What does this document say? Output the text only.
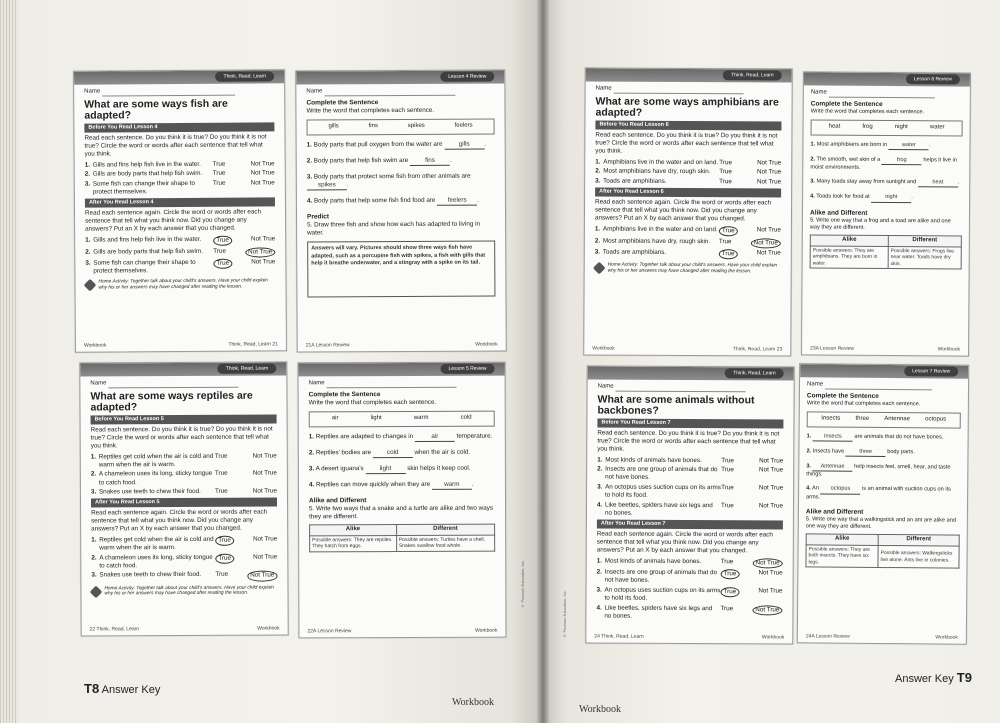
Think, Read, Learn
Name
What are some ways fish are adapted?
Before You Read Lesson 4
Read each sentence. Do you think it is true? Do you think it is not true? Circle the word or words after each sentence that tell what you think.
1. Gills and fins help fish live in the water.	True	Not True
2. Gills are body parts that help fish swim.	True	Not True
3. Some fish can change their shape to protect themselves.
True	Not True
After You Read Lesson 4
Read each sentence again. Circle the word or words after each sentence that tell what you think now. Did you change any answers? Put an X by each answer that you changed.
1. Gills and fins help fish live in the water.	True	Not True
2. Gills are body parts that help fish swim.	True	Not True
3. Some fish can change their shape to protect themselves.
True	Not True
Home Activity: Together talk about your child's answers. Have your child explain why his or her answers may have changed after reading the lesson.
Workbook	Think, Read, Learn 21
Lesson 4 Review
Name
Complete the Sentence
Write the word that completes each sentence.
gills	fins	spikes	feelers
1. Body parts that pull oxygen from the water are	gills .
2. Body parts that help fish swim are	fins .
3. Body parts that protect some fish from other animals are spikes .
4. Body parts that help some fish find food are feelers .
Predict
5. Draw three fish and show how each has adapted to living in water.
Answers will vary. Pictures should show three ways fish have adapted, such as a porcupine fish with spikes, a fish with gills that help it breathe underwater, and a stingray with a spike on its tail.
21A Lesson Review	Workbook
Think, Read, Learn
Name
What are some ways reptiles are adapted?
Before You Read Lesson 5
Read each sentence. Do you think it is true? Do you think it is not true? Circle the word or words after each sentence that tell what you think.
1. Reptiles get cold when the air is cold and warm when the air is warm.
True	Not True
2. A chameleon uses its long, sticky tongue to catch food.
True	Not True
3. Snakes use teeth to chew their food.	True	Not True
After You Read Lesson 5
Read each sentence again. Circle the word or words after each sentence that tell what you think now. Did you change any answers? Put an X by each answer that you changed.
1. Reptiles get cold when the air is cold and warm when the air is warm.
True	Not True
2. A chameleon uses its long, sticky tongue to catch food.
True	Not True
3. Snakes use teeth to chew their food.	True	Not True
Home Activity: Together talk about your child's answers. Have your child explain why his or her answers may have changed after reading the lesson.
22 Think, Read, Learn	Workbook
Lesson 5 Review
Name
Complete the Sentence
Write the word that completes each sentence.
air	light	warm	cold
1. Reptiles are adapted to changes in	air	temperature.
2. Reptiles' bodies are	cold	when the air is cold.
3. A desert iguana's	light	skin helps it keep cool.
4. Reptiles can move quickly when they are warm .
Alike and Different
5. Write two ways that a snake and a turtle are alike and two ways they are different.
Alike	Different
Possible answers: They are reptiles. They hatch from eggs.	Possible answers: Turtles have a shell. Snakes swallow food whole.
22A Lesson Review	Workbook
Think, Read, Learn
Name
What are some ways amphibians are adapted?
Before You Read Lesson 6
Read each sentence. Do you think it is true? Do you think it is not true? Circle the word or words after each sentence that tell what you think.
1. Amphibians live in the water and on land. True	Not True
2. Most amphibians have dry, rough skin.	True	Not True
3. Toads are amphibians.	True	Not True
After You Read Lesson 6
Read each sentence again. Circle the word or words after each sentence that tell what you think now. Did you change any answers? Put an X by each answer that you changed.
1. Amphibians live in the water and on land. True	Not True
2. Most amphibians have dry, rough skin.	True	Not True
3. Toads are amphibians.	True	Not True
Home Activity: Together talk about your child's answers. Have your child explain why his or her answers may have changed after reading the lesson.
Workbook	Think, Read, Learn 23
Lesson 6 Review
Name
Complete the Sentence
Write the word that completes each sentence.
heat	frog	night	water
1. Most amphibians are born in	water .
2. The smooth, wet skin of a	frog	helps it live in moist environments.
3. Many toads stay away from sunlight and	heat	.
4. Toads look for food at	night .
Alike and Different
5. Write one way that a frog and a toad are alike and one way they are different.
Alike	Different
Possible answers: They are amphibians. They are born in water.	Possible answers: Frogs live near water. Toads have dry skin.
23A Lesson Review	Workbook
Think, Read, Learn
Name
What are some animals without backbones?
Before You Read Lesson 7
Read each sentence. Do you think it is true? Do you think it is not true? Circle the word or words after each sentence that tell what you think.
1. Most kinds of animals have bones.	True	Not True
2. Insects are one group of animals that do not have bones.
True	Not True
3. An octopus uses suction cups on its arms to hold its food.
True	Not True
4. Like beetles, spiders have six legs and no bones.
True	Not True
After You Read Lesson 7
Read each sentence again. Circle the word or words after each sentence that tell what you think now. Did you change any answers? Put an X by each answer that you changed.
1. Most kinds of animals have bones.	True	Not True
2. Insects are one group of animals that do not have bones.
True	Not True
3. An octopus uses suction cups on its arms to hold its food.
True	Not True
4. Like beetles, spiders have six legs and no bones.
True	Not True
24 Think, Read, Learn	Workbook
Lesson 7 Review
Name
Complete the Sentence
Write the word that completes each sentence.
Insects	three	Antennae	octopus
1. Insects are animals that do not have bones.
2. Insects have	three	body parts.
3. Antennae help insects feel, smell, hear, and taste things.
4. An octopus is an animal with suction cups on its arms.
Alike and Different
5. Write one way that a walkingstick and an ant are alike and one way they are different.
Alike	Different
Possible answers: They are both insects. They have six legs.	Possible answers: Walkingsticks live alone. Ants live in colonies.
24A Lesson Review	Workbook
© Pearson Education, Inc.
© Pearson Education, Inc.
T8 Answer Key
Workbook
Workbook
Answer Key T9
